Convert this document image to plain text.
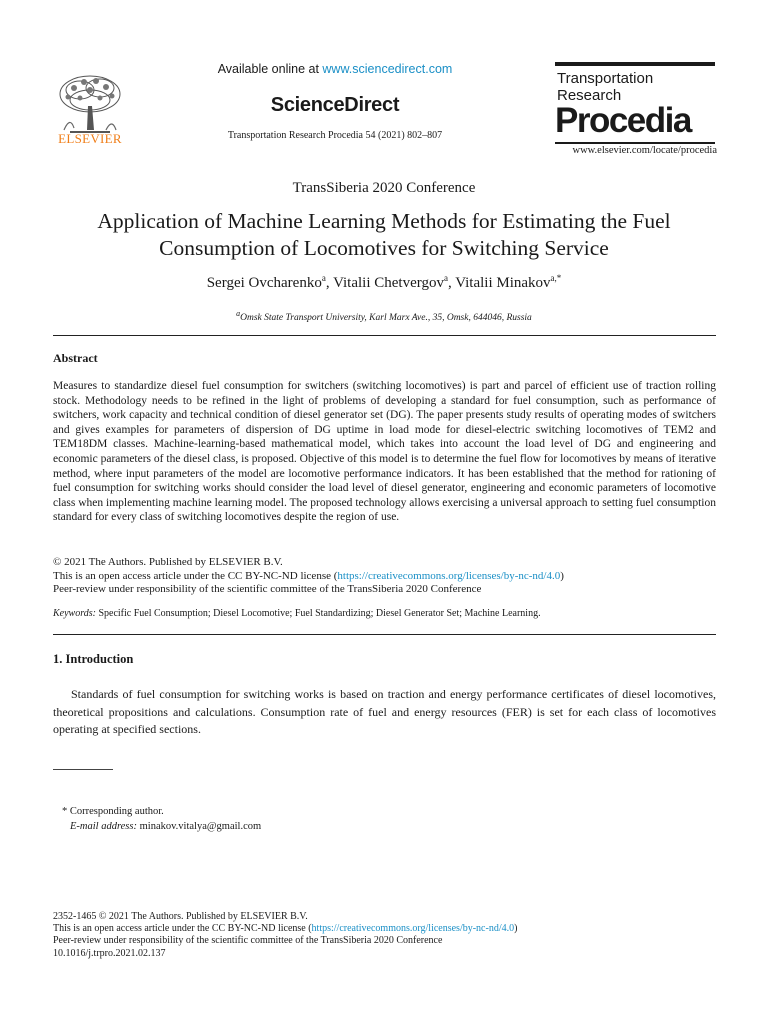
ELSEVIER
Available online at www.sciencedirect.com
ScienceDirect
Transportation Research Procedia 54 (2021) 802–807
Transportation
Research
Procedia
www.elsevier.com/locate/procedia
TransSiberia 2020 Conference
Application of Machine Learning Methods for Estimating the Fuel Consumption of Locomotives for Switching Service
Sergei Ovcharenko$^a$, Vitalii Chetvergov$^a$, Vitalii Minakov$^{a,*}$
$^a$Omsk State Transport University, Karl Marx Ave., 35, Omsk, 644046, Russia
Abstract
Measures to standardize diesel fuel consumption for switchers (switching locomotives) is part and parcel of efficient use of traction rolling stock. Methodology needs to be refined in the light of problems of developing a standard for fuel consumption, such as performance of switchers, work capacity and technical condition of diesel generator set (DG). The paper presents study results of operating modes of switchers and gives examples for parameters of dispersion of DG uptime in load mode for diesel-electric switching locomotives of TEM2 and TEM18DM classes. Machine-learning-based mathematical model, which takes into account the load level of DG and engineering and economic parameters of the diesel class, is proposed. Objective of this model is to determine the fuel flow for locomotives by means of iterative method, where input parameters of the model are locomotive performance indicators. It has been established that the method for rationing of fuel consumption for switching works should consider the load level of diesel generator, engineering and economic parameters of locomotive class when implementing machine learning model. The proposed technology allows exercising a universal approach to setting fuel consumption standard for every class of switching locomotives despite the region of use.
© 2021 The Authors. Published by ELSEVIER B.V.
This is an open access article under the CC BY-NC-ND license (https://creativecommons.org/licenses/by-nc-nd/4.0)
Peer-review under responsibility of the scientific committee of the TransSiberia 2020 Conference
Keywords: Specific Fuel Consumption; Diesel Locomotive; Fuel Standardizing; Diesel Generator Set; Machine Learning.
1. Introduction
Standards of fuel consumption for switching works is based on traction and energy performance certificates of diesel locomotives, theoretical propositions and calculations. Consumption rate of fuel and energy resources (FER) is set for each class of locomotives operating at specified sections.
* Corresponding author.
E-mail address: minakov.vitalya@gmail.com
2352-1465 © 2021 The Authors. Published by ELSEVIER B.V.
This is an open access article under the CC BY-NC-ND license (https://creativecommons.org/licenses/by-nc-nd/4.0)
Peer-review under responsibility of the scientific committee of the TransSiberia 2020 Conference
10.1016/j.trpro.2021.02.137
